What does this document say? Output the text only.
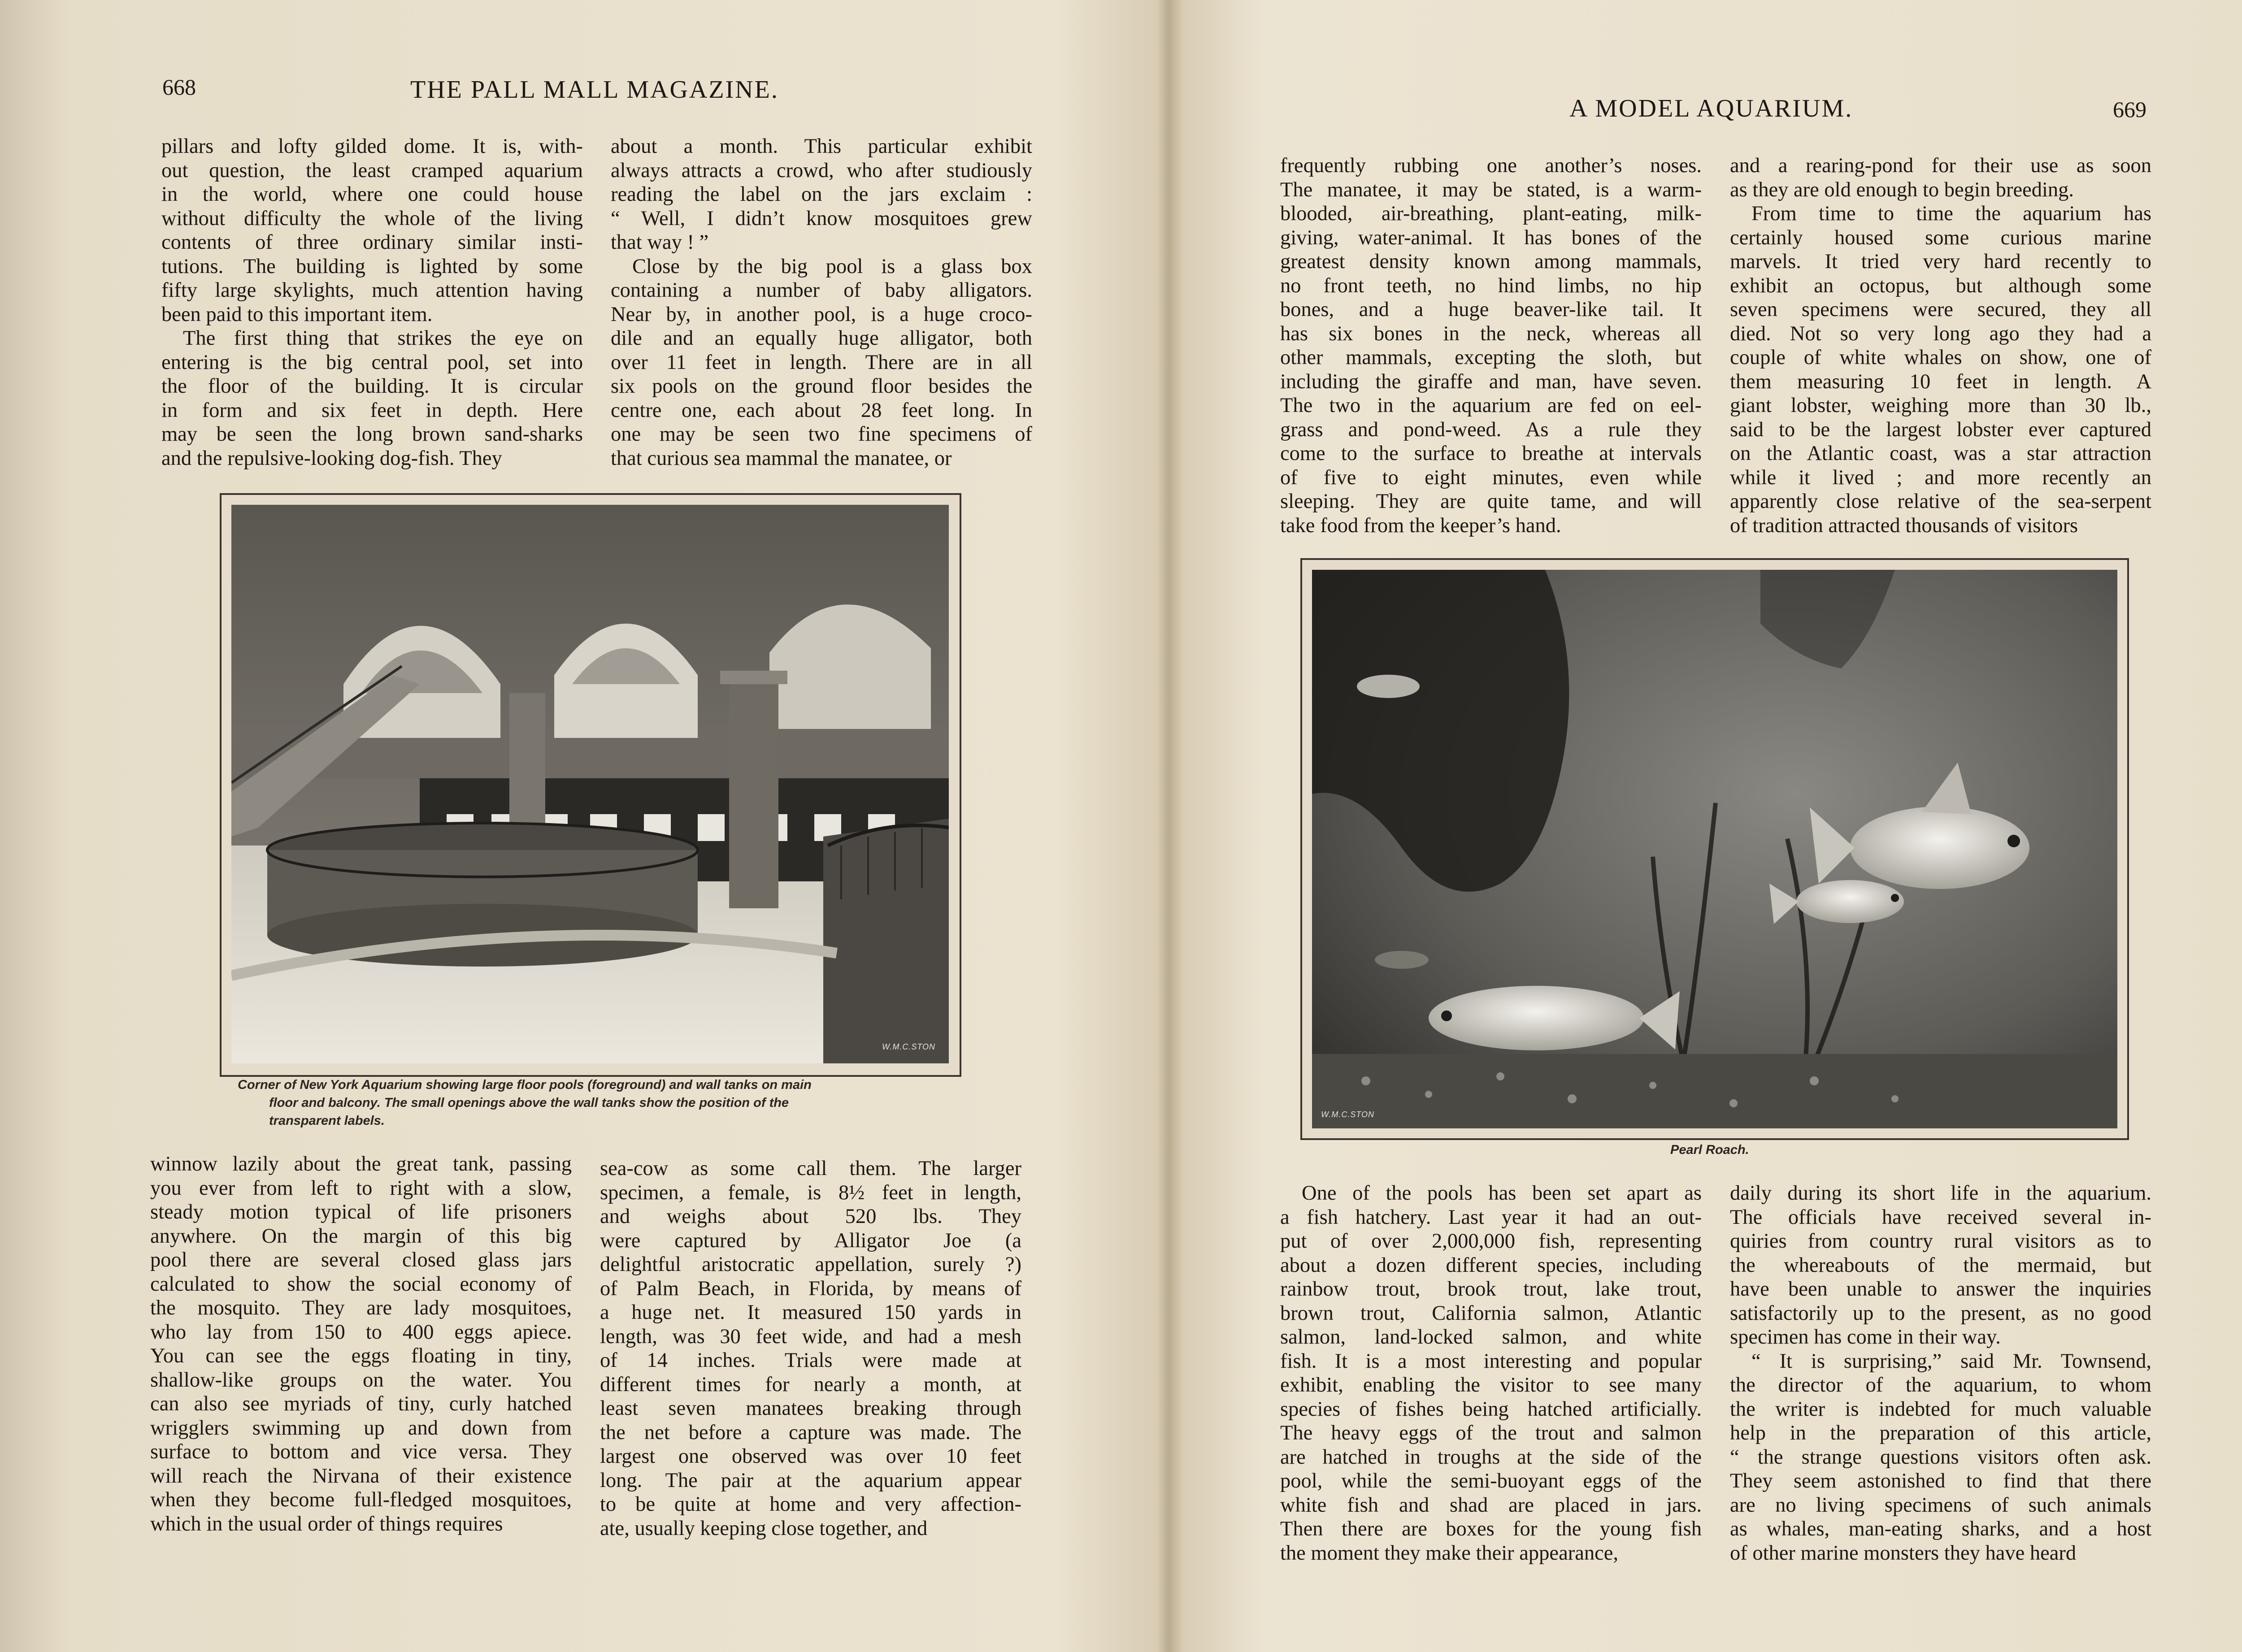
668	THE PALL MALL MAGAZINE.

pillars and lofty gilded dome. It is, with-

out question, the least cramped aquarium

in the world, where one could house

without difficulty the whole of the living

contents of three ordinary similar insti-

tutions. The building is lighted by some

fifty large skylights, much attention having

been paid to this important item.

The first thing that strikes the eye on

entering is the big central pool, set into

the floor of the building. It is circular

in form and six feet in depth. Here

may be seen the long brown sand-sharks

and the repulsive-looking dog-fish. They

about a month. This particular exhibit

always attracts a crowd, who after studiously

reading the label on the jars exclaim :

“ Well, I didn’t know mosquitoes grew

that way ! ”

Close by the big pool is a glass box

containing a number of baby alligators.

Near by, in another pool, is a huge croco-

dile and an equally huge alligator, both

over 11 feet in length. There are in all

six pools on the ground floor besides the

centre one, each about 28 feet long. In

one may be seen two fine specimens of

that curious sea mammal the manatee, or

W.M.C.STON
Corner of New York Aquarium showing large floor pools (foreground) and wall tanks on main
floor and balcony. The small openings above the wall tanks show the position of the
transparent labels.

winnow lazily about the great tank, passing

you ever from left to right with a slow,

steady motion typical of life prisoners

anywhere. On the margin of this big

pool there are several closed glass jars

calculated to show the social economy of

the mosquito. They are lady mosquitoes,

who lay from 150 to 400 eggs apiece.

You can see the eggs floating in tiny,

shallow-like groups on the water. You

can also see myriads of tiny, curly hatched

wrigglers swimming up and down from

surface to bottom and vice versa. They

will reach the Nirvana of their existence

when they become full-fledged mosquitoes,

which in the usual order of things requires

sea-cow as some call them. The larger

specimen, a female, is 8½ feet in length,

and weighs about 520 lbs. They

were captured by Alligator Joe (a

delightful aristocratic appellation, surely ?)

of Palm Beach, in Florida, by means of

a huge net. It measured 150 yards in

length, was 30 feet wide, and had a mesh

of 14 inches. Trials were made at

different times for nearly a month, at

least seven manatees breaking through

the net before a capture was made. The

largest one observed was over 10 feet

long. The pair at the aquarium appear

to be quite at home and very affection-

ate, usually keeping close together, and

A MODEL AQUARIUM.	669

frequently rubbing one another’s noses.

The manatee, it may be stated, is a warm-

blooded, air-breathing, plant-eating, milk-

giving, water-animal. It has bones of the

greatest density known among mammals,

no front teeth, no hind limbs, no hip

bones, and a huge beaver-like tail. It

has six bones in the neck, whereas all

other mammals, excepting the sloth, but

including the giraffe and man, have seven.

The two in the aquarium are fed on eel-

grass and pond-weed. As a rule they

come to the surface to breathe at intervals

of five to eight minutes, even while

sleeping. They are quite tame, and will

take food from the keeper’s hand.

and a rearing-pond for their use as soon

as they are old enough to begin breeding.

From time to time the aquarium has

certainly housed some curious marine

marvels. It tried very hard recently to

exhibit an octopus, but although some

seven specimens were secured, they all

died. Not so very long ago they had a

couple of white whales on show, one of

them measuring 10 feet in length. A

giant lobster, weighing more than 30 lb.,

said to be the largest lobster ever captured

on the Atlantic coast, was a star attraction

while it lived ; and more recently an

apparently close relative of the sea-serpent

of tradition attracted thousands of visitors

W.M.C.STON
Pearl Roach.

One of the pools has been set apart as

a fish hatchery. Last year it had an out-

put of over 2,000,000 fish, representing

about a dozen different species, including

rainbow trout, brook trout, lake trout,

brown trout, California salmon, Atlantic

salmon, land-locked salmon, and white

fish. It is a most interesting and popular

exhibit, enabling the visitor to see many

species of fishes being hatched artificially.

The heavy eggs of the trout and salmon

are hatched in troughs at the side of the

pool, while the semi-buoyant eggs of the

white fish and shad are placed in jars.

Then there are boxes for the young fish

the moment they make their appearance,

daily during its short life in the aquarium.

The officials have received several in-

quiries from country rural visitors as to

the whereabouts of the mermaid, but

have been unable to answer the inquiries

satisfactorily up to the present, as no good

specimen has come in their way.

“ It is surprising,” said Mr. Townsend,

the director of the aquarium, to whom

the writer is indebted for much valuable

help in the preparation of this article,

“ the strange questions visitors often ask.

They seem astonished to find that there

are no living specimens of such animals

as whales, man-eating sharks, and a host

of other marine monsters they have heard
